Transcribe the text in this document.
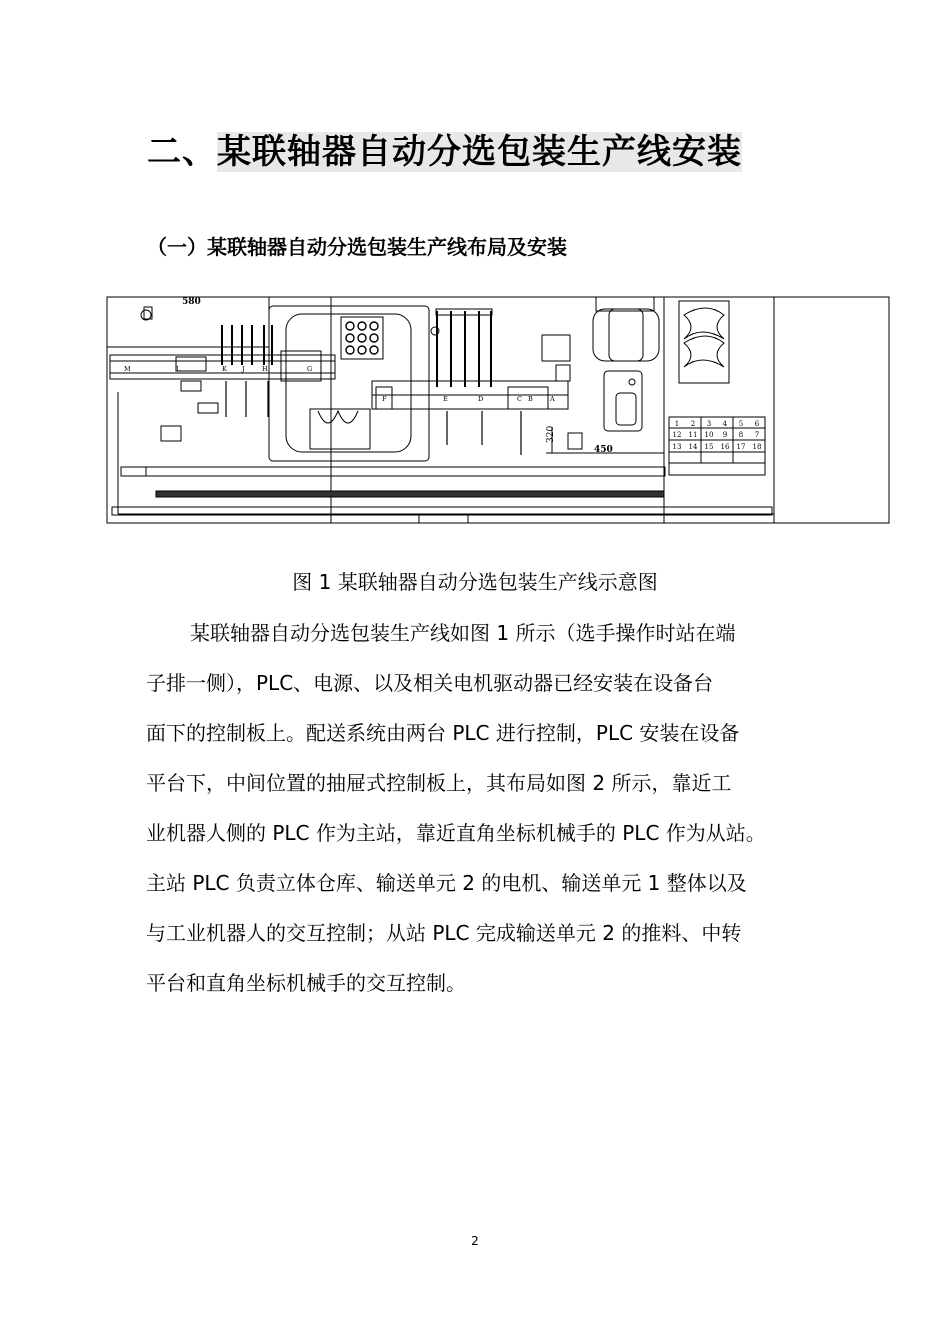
二、某联轴器自动分选包装生产线安装
（一）某联轴器自动分选包装生产线布局及安装
580
450
320
M	L	K J	H	G
F	E	D	C B	A
1 2 3 4 5 6
12 11 10 9 8 7
13 14 15 16 17 18
图 1 某联轴器自动分选包装生产线示意图
某联轴器自动分选包装生产线如图 1 所示（选手操作时站在端
子排一侧），PLC、电源、以及相关电机驱动器已经安装在设备台
面下的控制板上。配送系统由两台 PLC 进行控制，PLC 安装在设备
平台下，中间位置的抽屉式控制板上，其布局如图 2 所示，靠近工
业机器人侧的 PLC 作为主站，靠近直角坐标机械手的 PLC 作为从站。
主站 PLC 负责立体仓库、输送单元 2 的电机、输送单元 1 整体以及
与工业机器人的交互控制；从站 PLC 完成输送单元 2 的推料、中转
平台和直角坐标机械手的交互控制。
2
